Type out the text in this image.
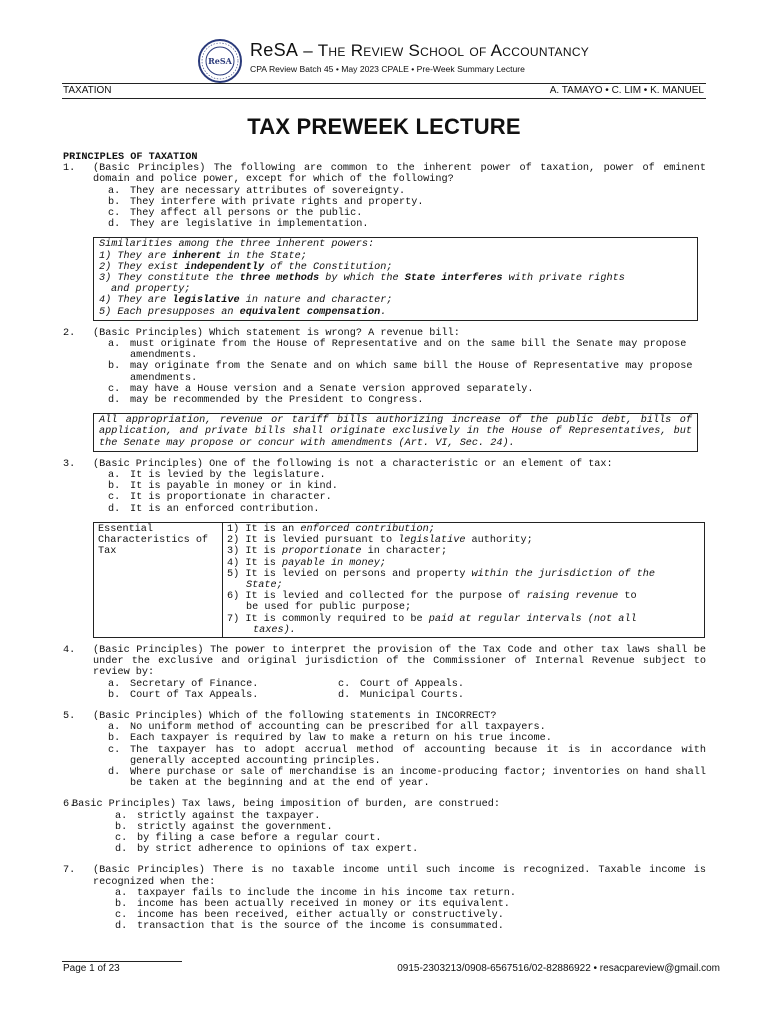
ReSA
ReSA – The Review School of Accountancy
CPA Review Batch 45 • May 2023 CPALE • Pre-Week Summary Lecture
TAXATION	A. TAMAYO • C. LIM • K. MANUEL
TAX PREWEEK LECTURE
PRINCIPLES OF TAXATION
1.	(Basic Principles) The following are common to the inherent power of taxation, power of eminent domain and police power, except for which of the following?
a. They are necessary attributes of sovereignty.
b. They interfere with private rights and property.
c. They affect all persons or the public.
d. They are legislative in implementation.
Similarities among the three inherent powers:
1) They are inherent in the State;
2) They exist independently of the Constitution;
3) They constitute the three methods by which the State interferes with private rights
and property;
4) They are legislative in nature and character;
5) Each presupposes an equivalent compensation.
2.	(Basic Principles) Which statement is wrong? A revenue bill:
a. must originate from the House of Representative and on the same bill the Senate may propose amendments.
b. may originate from the Senate and on which same bill the House of Representative may propose amendments.
c. may have a House version and a Senate version approved separately.
d. may be recommended by the President to Congress.
All appropriation, revenue or tariff bills authorizing increase of the public debt, bills of application, and private bills shall originate exclusively in the House of Representatives, but the Senate may propose or concur with amendments (Art. VI, Sec. 24).
3.	(Basic Principles) One of the following is not a characteristic or an element of tax:
a. It is levied by the legislature.
b. It is payable in money or in kind.
c. It is proportionate in character.
d. It is an enforced contribution.
Essential Characteristics of Tax
1) It is an enforced contribution;
2) It is levied pursuant to legislative authority;
3) It is proportionate in character;
4) It is payable in money;
5) It is levied on persons and property within the jurisdiction of the
State;
6) It is levied and collected for the purpose of raising revenue to
be used for public purpose;
7) It is commonly required to be paid at regular intervals (not all
taxes).
4.	(Basic Principles) The power to interpret the provision of the Tax Code and other tax laws shall be under the exclusive and original jurisdiction of the Commissioner of Internal Revenue subject to review by:
a. Secretary of Finance.	c. Court of Appeals.
b. Court of Tax Appeals.	d. Municipal Courts.
5.	(Basic Principles) Which of the following statements in INCORRECT?
a. No uniform method of accounting can be prescribed for all taxpayers.
b. Each taxpayer is required by law to make a return on his true income.
c. The taxpayer has to adopt accrual method of accounting because it is in accordance with generally accepted accounting principles.
d. Where purchase or sale of merchandise is an income-producing factor; inventories on hand shall be taken at the beginning and at the end of year.
6.
Basic Principles) Tax laws, being imposition of burden, are construed:
a. strictly against the taxpayer.
b. strictly against the government.
c. by filing a case before a regular court.
d. by strict adherence to opinions of tax expert.
7.	(Basic Principles) There is no taxable income until such income is recognized. Taxable income is recognized when the:
a. taxpayer fails to include the income in his income tax return.
b. income has been actually received in money or its equivalent.
c. income has been received, either actually or constructively.
d. transaction that is the source of the income is consummated.
Page 1 of 23	0915-2303213/0908-6567516/02-82886922 • resacpareview@gmail.com
